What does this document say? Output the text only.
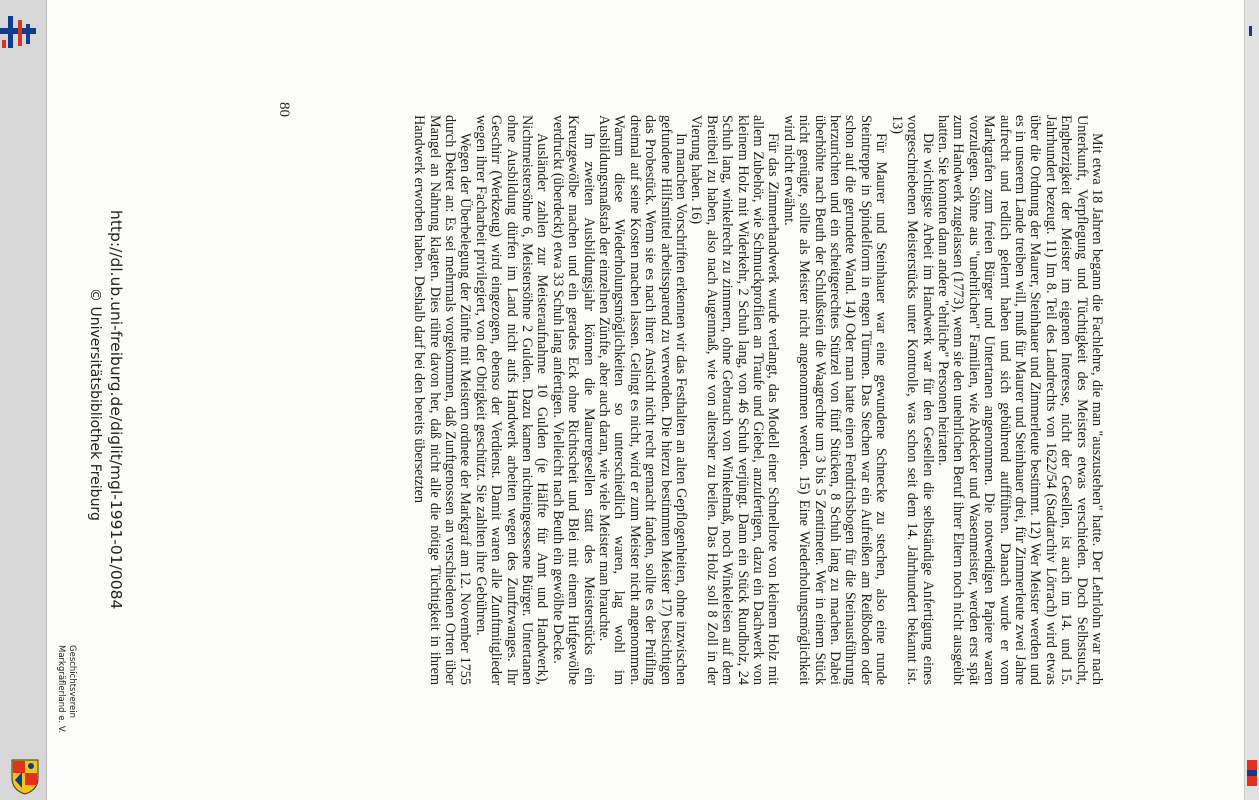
http://dl.ub.uni-freiburg.de/diglit/mgl-1991-01/0084
© Universitätsbibliothek Freiburg
Geschichtsverein
Markgräflerland e. V.

Mit etwa 18 Jahren begann die Fachlehre, die man "auszustehen" hatte. Der Lehrlohn war nach Unterkunft, Verpflegung und Tüchtigkeit des Meisters etwas verschieden. Doch Selbstsucht, Engherzigkeit der Meister im eigenen Interesse, nicht der Gesellen, ist auch im 14. und 15. Jahrhundert bezeugt. 11) Im 8. Teil des Landrechts von 1622/54 (Stadtarchiv Lörrach) wird etwas über die Ordnung der Maurer, Steinhauer und Zimmerleute bestimmt. 12) Wer Meister werden und es in unserem Lande treiben will, muß für Maurer und Steinhauer drei, für Zimmerleute zwei Jahre aufrecht und redlich gelernt haben und sich gebührend auffführen. Danach wurde er vom Markgrafen zum freien Bürger und Untertanen angenommen. Die notwendigen Papiere waren vorzulegen. Söhne aus "unehrlichen" Familien, wie Abdecker und Wasenmeister, werden erst spät zum Handwerk zugelassen (1773), wenn sie den unehrlichen Beruf ihrer Eltern noch nicht ausgeübt hatten. Sie konnten dann andere "ehrliche" Personen heiraten.

Die wichtigste Arbeit im Handwerk war für den Gesellen die selbständige Anfertigung eines vorgeschriebenen Meisterstücks unter Kontrolle, was schon seit dem 14. Jahrhundert bekannt ist. 13)

Für Maurer und Steinhauer war eine gewundene Schnecke zu stechen, also eine runde Steintreppe in Spindelform in engen Türmen. Das Stechen war ein Aufreißen am Reißboden oder schon auf die gerundete Wand. 14) Oder man hatte einen Fendrichsbogen für die Steinausführung herzurichten und ein scheitgerechtes Stürzel von fünf Stücken, 8 Schuh lang zu machen. Dabei überhöhte nach Beuth der Schlußstein die Waagrechte um 3 bis 5 Zentimeter. Wer in einem Stück nicht genügte, sollte als Meister nicht angenommen werden. 15) Eine Wiederholungsmöglichkeit wird nicht erwähnt.

Für das Zimmerhandwerk wurde verlangt, das Modell einer Schnellrote von kleinem Holz mit allem Zubehör, wie Schmuckprofilen an Traufe und Giebel, anzufertigen, dazu ein Dachwerk von kleinem Holz mit Widerkehr, 2 Schuh lang, von 46 Schuh verjüngt. Dann ein Stück Rundholz, 24 Schuh lang, winkelrecht zu zimmern, ohne Gebrauch von Winkelmaß, noch Winkeleisen auf dem Breitbeil zu haben, also nach Augenmaß, wie von altersher zu beilen. Das Holz soll 8 Zoll in der Vierung haben. 16)

In manchen Vorschriften erkennen wir das Festhalten an alten Gepflogenheiten, ohne inzwischen gefundene Hilfsmittel arbeitssparend zu verwenden. Die hierzu bestimmten Meister 17) besichtigen das Probestück. Wenn sie es nach ihrer Ansicht nicht recht gemacht fanden, sollte es der Prüfling dreimal auf seine Kosten machen lassen. Gelingt es nicht, wird er zum Meister nicht angenommen. Warum diese Wiederholungsmöglichkeiten so unterschiedlich waren, lag wohl im Ausbildungsmaßstab der einzelnen Zünfte, aber auch daran, wie viele Meister man brauchte.

Im zweiten Ausbildungsjahr können die Maurergesellen statt des Meisterstücks ein Kreuzgewölbe machen und ein gerades Eck ohne Richtscheit und Blei mit einem Hufgewölbe verdruckt (überdeckt) etwa 33 Schuh lang anfertigen. Vielleicht nach Beuth ein gewölbte Decke.

Ausländer zahlen zur Meisteraufnahme 10 Gulden (je Hälfte für Amt und Handwerk), Nichtmeistersöhne 6, Meistersöhne 2 Gulden. Dazu kamen nichteingesessene Bürger. Untertanen ohne Ausbildung dürfen im Land nicht aufs Handwerk arbeiten wegen des Zunftzwanges. Ihr Geschirr (Werkzeug) wird eingezogen, ebenso der Verdienst. Damit waren alle Zunftmitglieder wegen ihrer Facharbeit privilegiert, von der Obrigkeit geschützt. Sie zahlten ihre Gebühren.

Wegen der Überbelegung der Zünfte mit Meistern ordnete der Markgraf am 12. November 1755 durch Dekret an: Es sei mehrmals vorgekommen, daß Zunftgenossen an verschiedenen Orten über Mangel an Nahrung klagten. Dies rühre davon her, daß nicht alle die nötige Tüchtigkeit in ihrem Handwerk erworben haben. Deshalb darf bei den bereits übersetzten

80
